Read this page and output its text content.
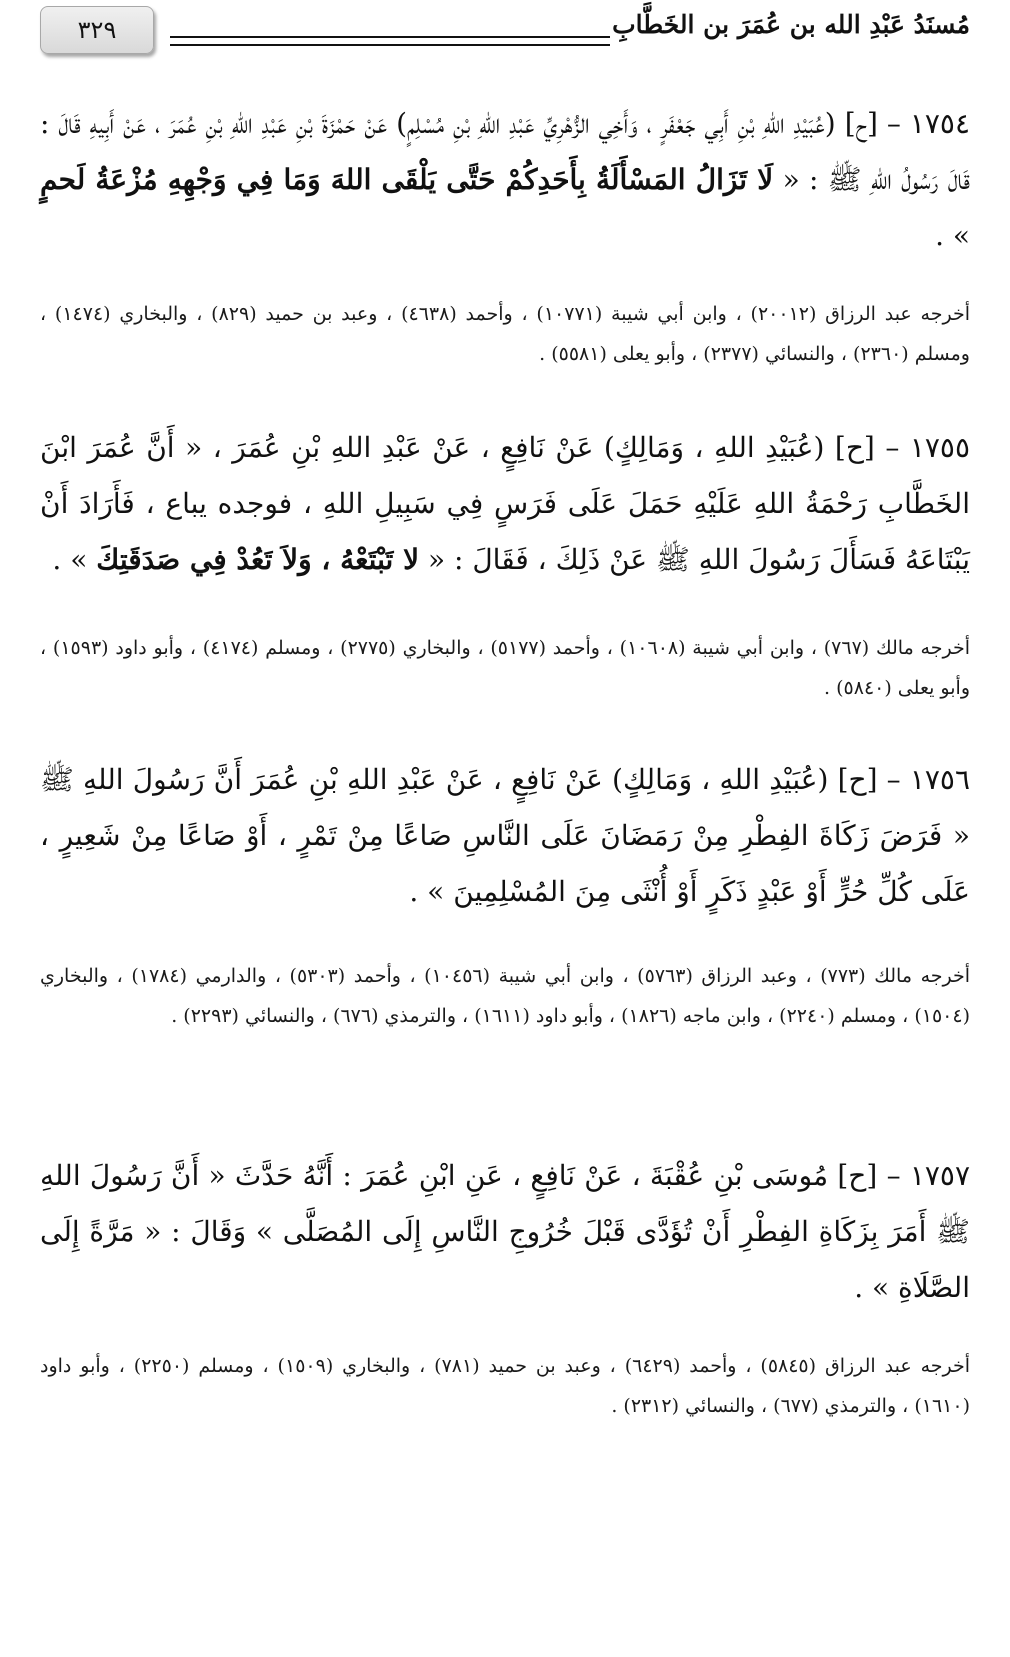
مُسنَدُ عَبْدِ الله بن عُمَرَ بن الخَطَّابِ
٣٢٩
١٧٥٤ – [ح] (عُبَيْدِ اللهِ بْنِ أَبِي جَعْفَرٍ ، وَأَخِي الزُّهْرِيِّ عَبْدِ اللهِ بْنِ مُسْلِمٍ) عَنْ حَمْزَةَ بْنِ عَبْدِ اللهِ بْنِ عُمَرَ ، عَنْ أَبِيهِ قَالَ : قَالَ رَسُولُ اللهِ ﷺ : « لَا تَزَالُ المَسْأَلَةُ بِأَحَدِكُمْ حَتَّى يَلْقَى اللهَ وَمَا فِي وَجْهِهِ مُزْعَةُ لَحمٍ » .
أخرجه عبد الرزاق (٢٠٠١٢) ، وابن أبي شيبة (١٠٧٧١) ، وأحمد (٤٦٣٨) ، وعبد بن حميد (٨٢٩) ، والبخاري (١٤٧٤) ، ومسلم (٢٣٦٠) ، والنسائي (٢٣٧٧) ، وأبو يعلى (٥٥٨١) .
١٧٥٥ – [ح] (عُبَيْدِ اللهِ ، وَمَالِكٍ) عَنْ نَافِعٍ ، عَنْ عَبْدِ اللهِ بْنِ عُمَرَ ، « أَنَّ عُمَرَ ابْنَ الخَطَّابِ رَحْمَةُ اللهِ عَلَيْهِ حَمَلَ عَلَى فَرَسٍ فِي سَبِيلِ اللهِ ، فوجده يباع ، فَأَرَادَ أَنْ يَبْتَاعَهُ فَسَأَلَ رَسُولَ اللهِ ﷺ عَنْ ذَلِكَ ، فَقَالَ : « لا تَبْتَعْهُ ، وَلاَ تَعُدْ فِي صَدَقَتِكَ » .
أخرجه مالك (٧٦٧) ، وابن أبي شيبة (١٠٦٠٨) ، وأحمد (٥١٧٧) ، والبخاري (٢٧٧٥) ، ومسلم (٤١٧٤) ، وأبو داود (١٥٩٣) ، وأبو يعلى (٥٨٤٠) .
١٧٥٦ – [ح] (عُبَيْدِ اللهِ ، وَمَالِكٍ) عَنْ نَافِعٍ ، عَنْ عَبْدِ اللهِ بْنِ عُمَرَ أَنَّ رَسُولَ اللهِ ﷺ « فَرَضَ زَكَاةَ الفِطْرِ مِنْ رَمَضَانَ عَلَى النَّاسِ صَاعًا مِنْ تَمْرٍ ، أَوْ صَاعًا مِنْ شَعِيرٍ ، عَلَى كُلِّ حُرٍّ أَوْ عَبْدٍ ذَكَرٍ أَوْ أُنْثَى مِنَ المُسْلِمِينَ » .
أخرجه مالك (٧٧٣) ، وعبد الرزاق (٥٧٦٣) ، وابن أبي شيبة (١٠٤٥٦) ، وأحمد (٥٣٠٣) ، والدارمي (١٧٨٤) ، والبخاري (١٥٠٤) ، ومسلم (٢٢٤٠) ، وابن ماجه (١٨٢٦) ، وأبو داود (١٦١١) ، والترمذي (٦٧٦) ، والنسائي (٢٢٩٣) .
١٧٥٧ – [ح] مُوسَى بْنِ عُقْبَةَ ، عَنْ نَافِعٍ ، عَنِ ابْنِ عُمَرَ : أَنَّهُ حَدَّثَ « أَنَّ رَسُولَ اللهِ ﷺ أَمَرَ بِزَكَاةِ الفِطْرِ أَنْ تُؤَدَّى قَبْلَ خُرُوجِ النَّاسِ إِلَى المُصَلَّى » وَقَالَ : « مَرَّةً إِلَى الصَّلَاةِ » .
أخرجه عبد الرزاق (٥٨٤٥) ، وأحمد (٦٤٢٩) ، وعبد بن حميد (٧٨١) ، والبخاري (١٥٠٩) ، ومسلم (٢٢٥٠) ، وأبو داود (١٦١٠) ، والترمذي (٦٧٧) ، والنسائي (٢٣١٢) .
